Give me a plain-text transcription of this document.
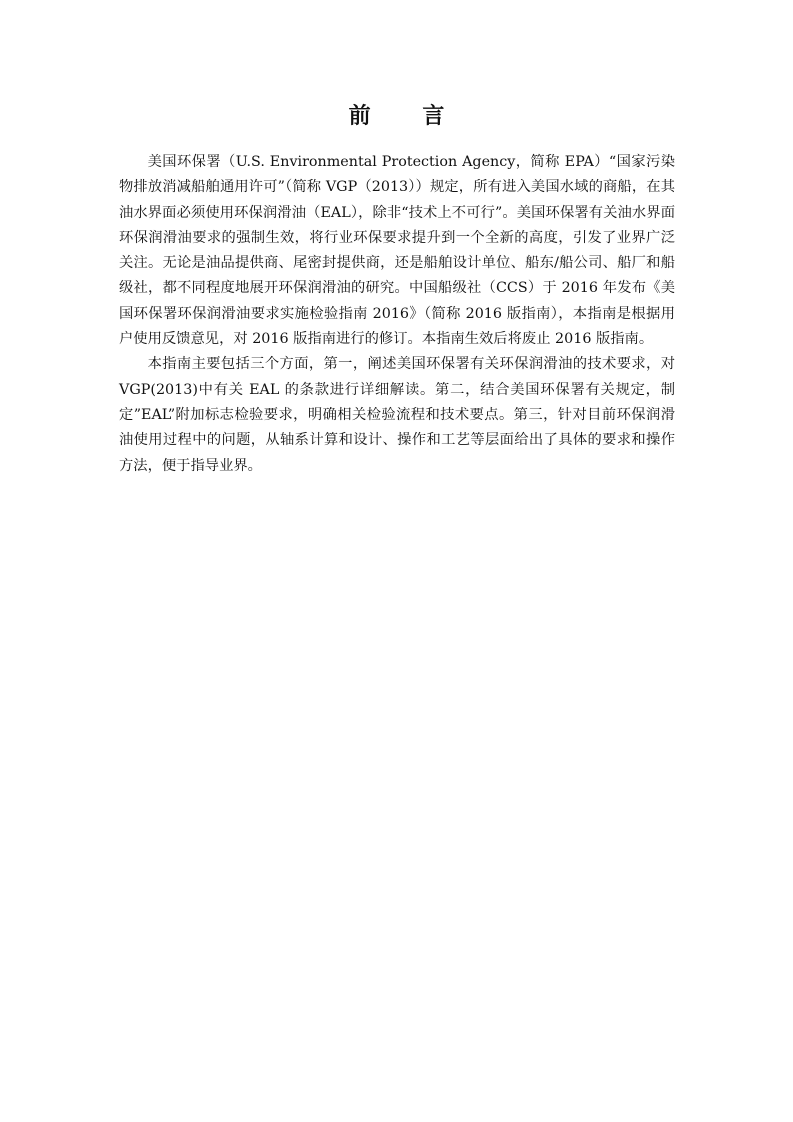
前 言

美国环保署（U.S. Environmental Protection Agency，简称 EPA）“国家污染物排放消减船舶通用许可”（简称 VGP（2013））规定，所有进入美国水域的商船，在其油水界面必须使用环保润滑油（EAL），除非“技术上不可行”。美国环保署有关油水界面环保润滑油要求的强制生效，将行业环保要求提升到一个全新的高度，引发了业界广泛关注。无论是油品提供商、尾密封提供商，还是船舶设计单位、船东/船公司、船厂和船级社，都不同程度地展开环保润滑油的研究。中国船级社（CCS）于 2016 年发布《美国环保署环保润滑油要求实施检验指南 2016》（简称 2016 版指南），本指南是根据用户使用反馈意见，对 2016 版指南进行的修订。本指南生效后将废止 2016 版指南。

本指南主要包括三个方面，第一，阐述美国环保署有关环保润滑油的技术要求，对 VGP(2013)中有关 EAL 的条款进行详细解读。第二，结合美国环保署有关规定，制定”EAL”附加标志检验要求，明确相关检验流程和技术要点。第三，针对目前环保润滑油使用过程中的问题，从轴系计算和设计、操作和工艺等层面给出了具体的要求和操作方法，便于指导业界。
